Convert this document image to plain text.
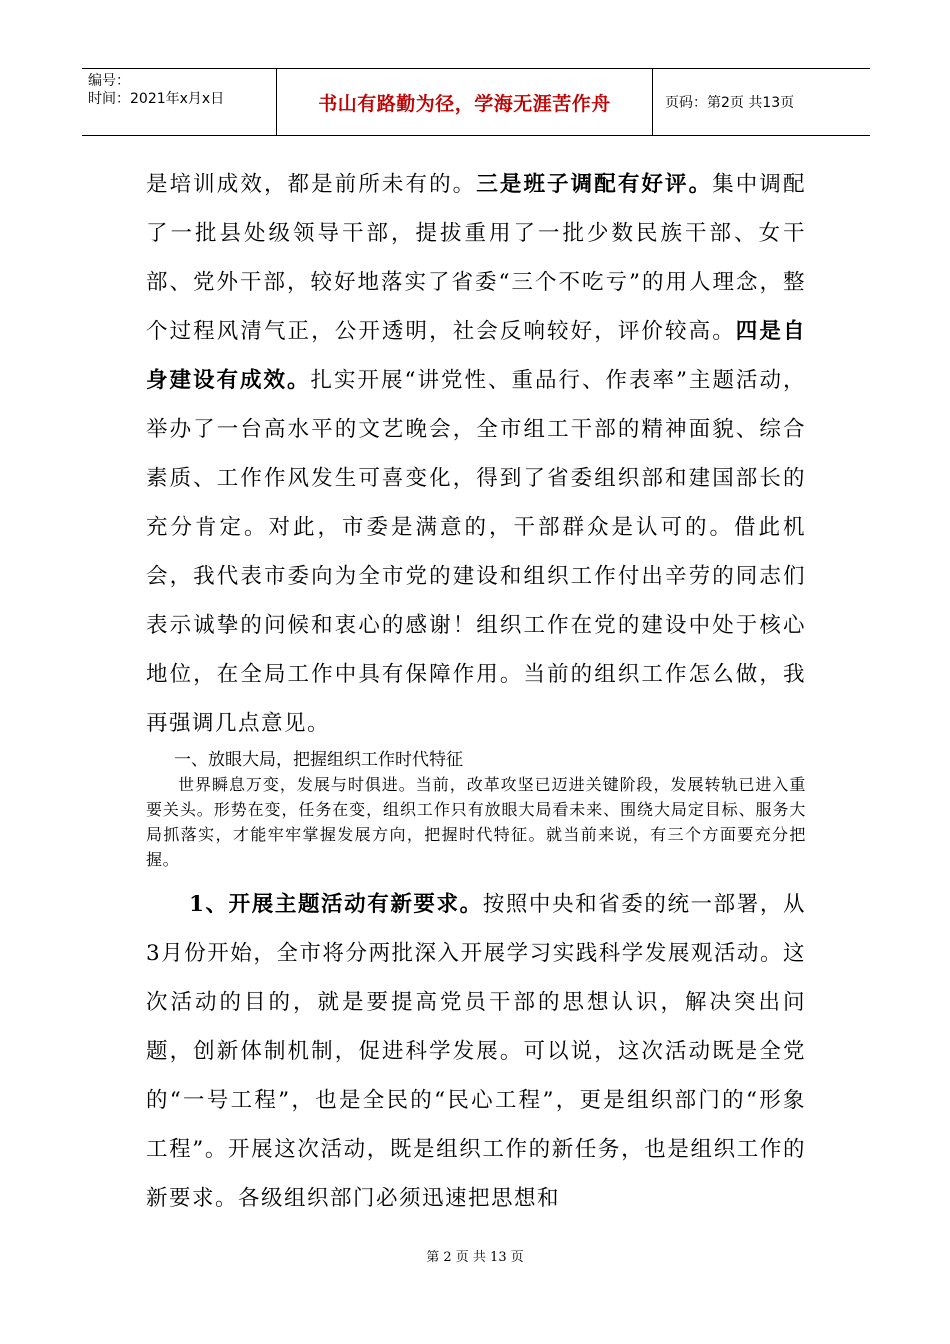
编号：
时间：2021年x月x日	书山有路勤为径，学海无涯苦作舟	页码：第2页 共13页

是培训成效，都是前所未有的。三是班子调配有好评。集中调配了一批县处级领导干部，提拔重用了一批少数民族干部、女干部、党外干部，较好地落实了省委“三个不吃亏”的用人理念，整个过程风清气正，公开透明，社会反响较好，评价较高。四是自身建设有成效。扎实开展“讲党性、重品行、作表率”主题活动，举办了一台高水平的文艺晚会，全市组工干部的精神面貌、综合素质、工作作风发生可喜变化，得到了省委组织部和建国部长的充分肯定。对此，市委是满意的，干部群众是认可的。借此机会，我代表市委向为全市党的建设和组织工作付出辛劳的同志们表示诚挚的问候和衷心的感谢！组织工作在党的建设中处于核心地位，在全局工作中具有保障作用。当前的组织工作怎么做，我再强调几点意见。

一、放眼大局，把握组织工作时代特征

世界瞬息万变，发展与时俱进。当前，改革攻坚已迈进关键阶段，发展转轨已进入重要关头。形势在变，任务在变，组织工作只有放眼大局看未来、围绕大局定目标、服务大局抓落实，才能牢牢掌握发展方向，把握时代特征。就当前来说，有三个方面要充分把握。

1、开展主题活动有新要求。按照中央和省委的统一部署，从3月份开始，全市将分两批深入开展学习实践科学发展观活动。这次活动的目的，就是要提高党员干部的思想认识，解决突出问题，创新体制机制，促进科学发展。可以说，这次活动既是全党的“一号工程”，也是全民的“民心工程”，更是组织部门的“形象工程”。开展这次活动，既是组织工作的新任务，也是组织工作的新要求。各级组织部门必须迅速把思想和

第 2 页 共 13 页
